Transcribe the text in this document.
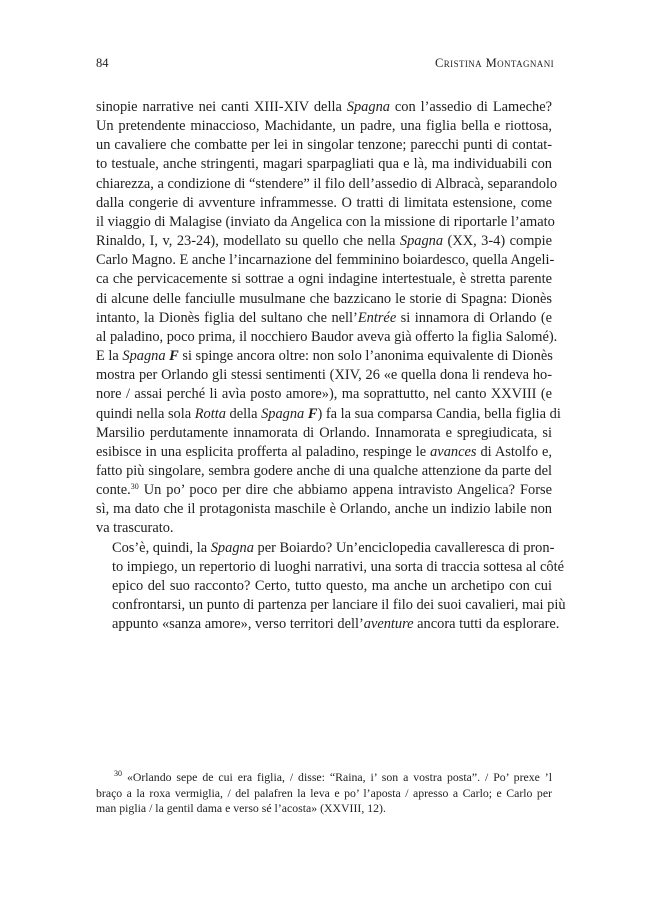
84	Cristina Montagnani

sinopie narrative nei canti XIII-XIV della Spagna con l’assedio di Lameche?
Un pretendente minaccioso, Machidante, un padre, una figlia bella e riottosa,
un cavaliere che combatte per lei in singolar tenzone; parecchi punti di contat-
to testuale, anche stringenti, magari sparpagliati qua e là, ma individuabili con
chiarezza, a condizione di “stendere” il filo dell’assedio di Albracà, separandolo
dalla congerie di avventure inframmesse. O tratti di limitata estensione, come
il viaggio di Malagise (inviato da Angelica con la missione di riportarle l’amato
Rinaldo, I, v, 23-24), modellato su quello che nella Spagna (XX, 3-4) compie
Carlo Magno. E anche l’incarnazione del femminino boiardesco, quella Angeli-
ca che pervicacemente si sottrae a ogni indagine intertestuale, è stretta parente
di alcune delle fanciulle musulmane che bazzicano le storie di Spagna: Dionès
intanto, la Dionès figlia del sultano che nell’Entrée si innamora di Orlando (e
al paladino, poco prima, il nocchiero Baudor aveva già offerto la figlia Salomé).
E la Spagna F si spinge ancora oltre: non solo l’anonima equivalente di Dionès
mostra per Orlando gli stessi sentimenti (XIV, 26 «e quella dona li rendeva ho-
nore / assai perché li avìa posto amore»), ma soprattutto, nel canto XXVIII (e
quindi nella sola Rotta della Spagna F) fa la sua comparsa Candia, bella figlia di
Marsilio perdutamente innamorata di Orlando. Innamorata e spregiudicata, si
esibisce in una esplicita profferta al paladino, respinge le avances di Astolfo e,
fatto più singolare, sembra godere anche di una qualche attenzione da parte del
conte.$^{30}$ Un po’ poco per dire che abbiamo appena intravisto Angelica? Forse
sì, ma dato che il protagonista maschile è Orlando, anche un indizio labile non
va trascurato.

Cos’è, quindi, la Spagna per Boiardo? Un’enciclopedia cavalleresca di pron-
to impiego, un repertorio di luoghi narrativi, una sorta di traccia sottesa al côté
epico del suo racconto? Certo, tutto questo, ma anche un archetipo con cui
confrontarsi, un punto di partenza per lanciare il filo dei suoi cavalieri, mai più
appunto «sanza amore», verso territori dell’aventure ancora tutti da esplorare.

$^{30}$ «Orlando sepe de cui era figlia, / disse: “Raina, i’ son a vostra posta”. / Po’ prexe ’l
braço a la roxa vermiglia, / del palafren la leva e po’ l’aposta / apresso a Carlo; e Carlo per
man piglia / la gentil dama e verso sé l’acosta» (XXVIII, 12).
